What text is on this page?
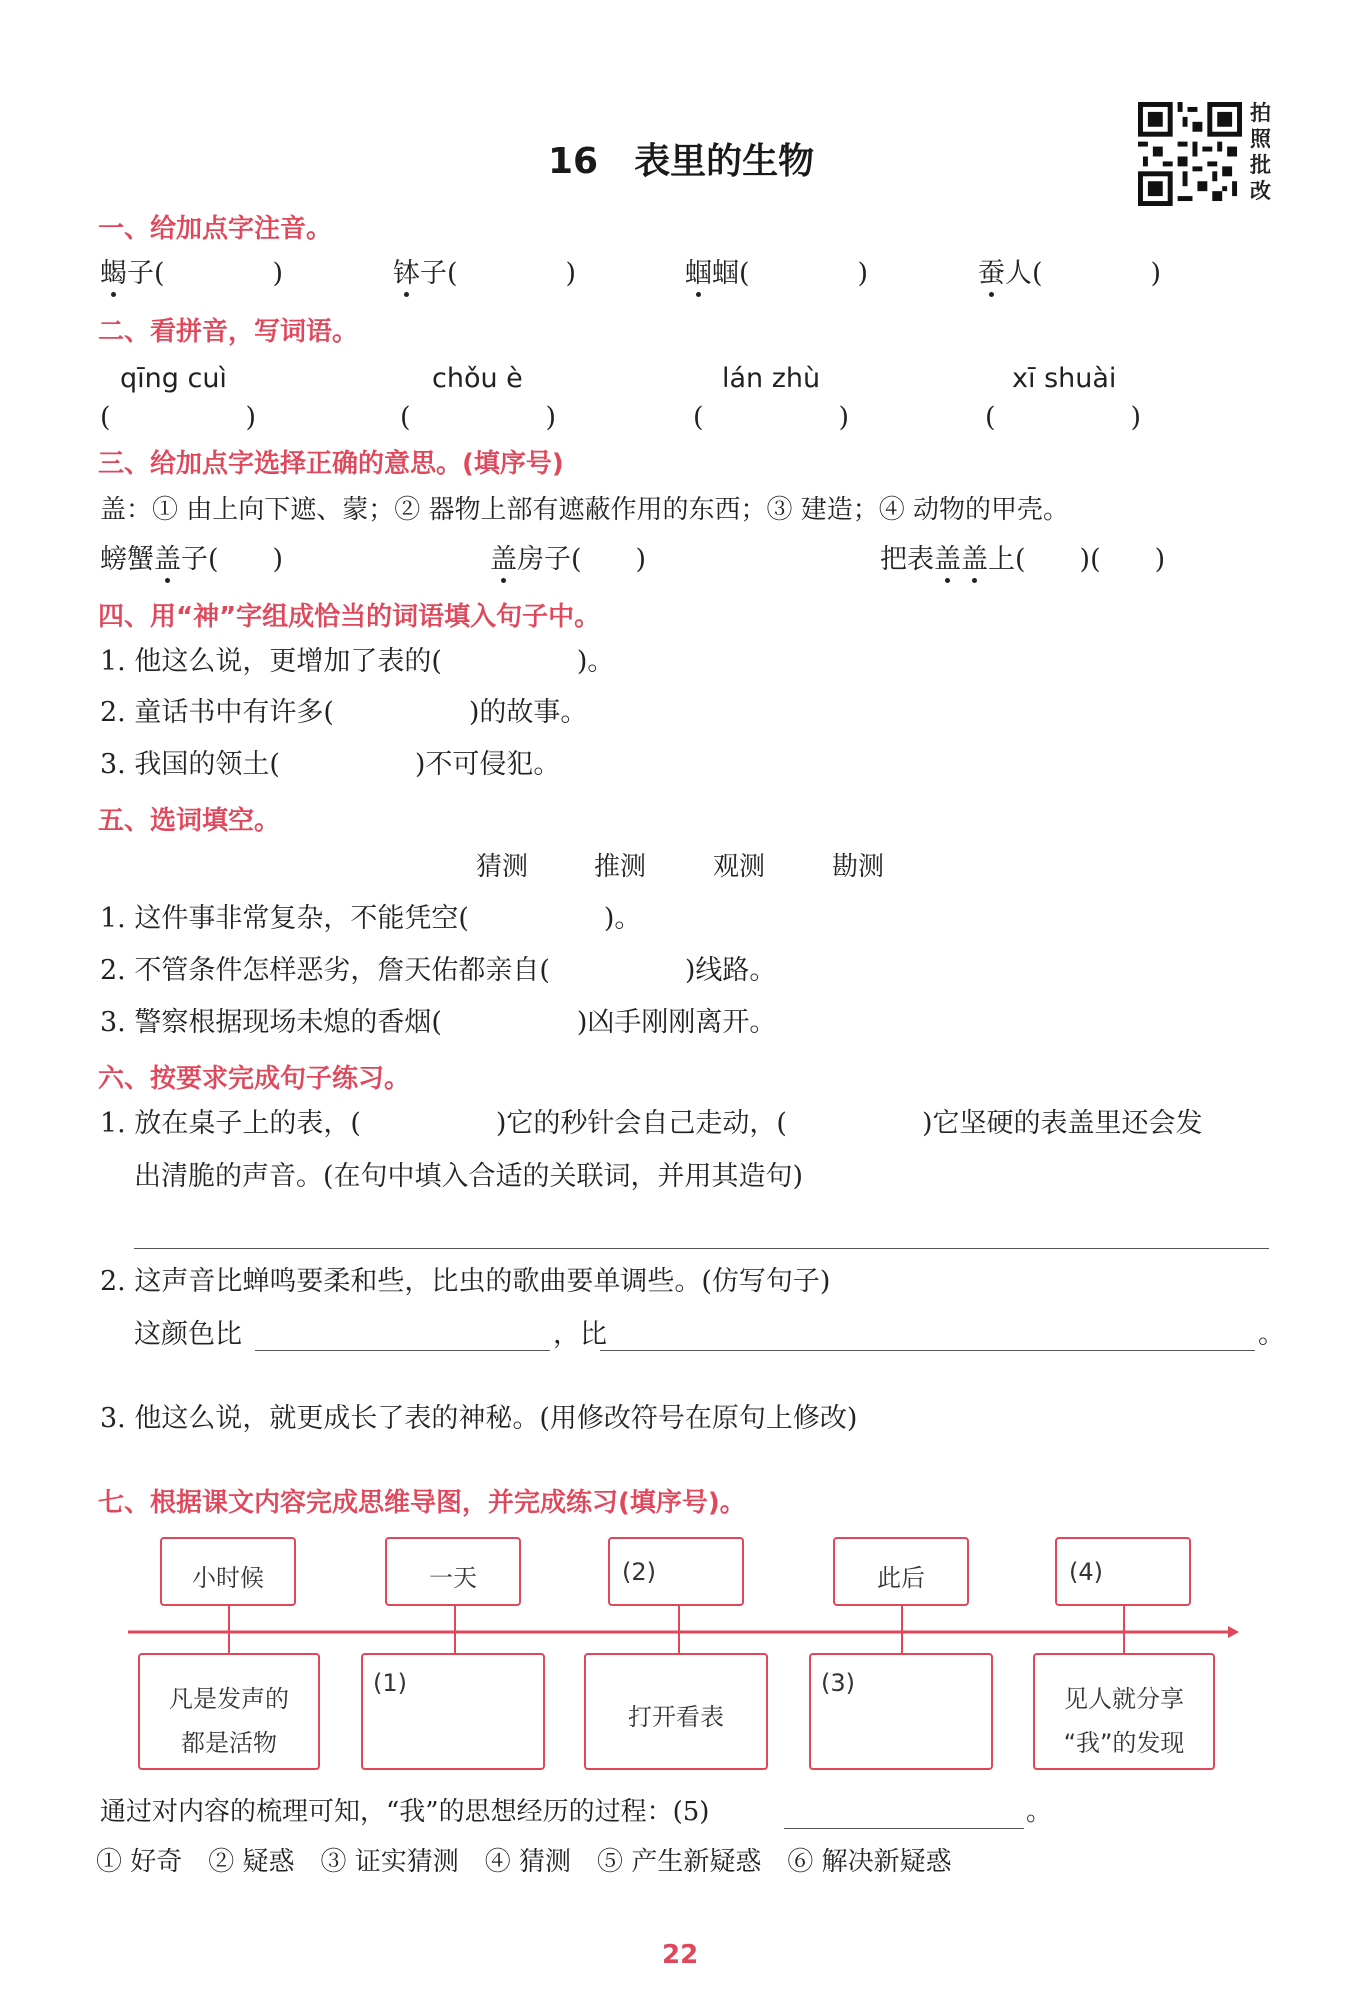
16　表里的生物
拍照批改
一、给加点字注音。
蝎子(　　　　)	钵子(　　　　)	蝈蝈(　　　　)	蚕人(　　　　)
二、看拼音，写词语。
qīng cuì	chǒu è	lán zhù	xī shuài
(　　　　　)	(　　　　　)	(　　　　　)	(　　　　　)
三、给加点字选择正确的意思。(填序号)
盖：① 由上向下遮、蒙；② 器物上部有遮蔽作用的东西；③ 建造；④ 动物的甲壳。
螃蟹盖子(　　)	盖房子(　　)	把表盖盖上(　　)(　　)
四、用“神”字组成恰当的词语填入句子中。
1. 他这么说，更增加了表的(　　　　　)。
2. 童话书中有许多(　　　　　)的故事。
3. 我国的领土(　　　　　)不可侵犯。
五、选词填空。
猜测	推测	观测	勘测
1. 这件事非常复杂，不能凭空(　　　　　)。
2. 不管条件怎样恶劣，詹天佑都亲自(　　　　　)线路。
3. 警察根据现场未熄的香烟(　　　　　)凶手刚刚离开。
六、按要求完成句子练习。
1. 放在桌子上的表，(　　　　　)它的秒针会自己走动，(　　　　　)它坚硬的表盖里还会发
出清脆的声音。(在句中填入合适的关联词，并用其造句)
2. 这声音比蝉鸣要柔和些，比虫的歌曲要单调些。(仿写句子)
这颜色比	，比	。
3. 他这么说，就更成长了表的神秘。(用修改符号在原句上修改)
七、根据课文内容完成思维导图，并完成练习(填序号)。
小时候	一天	(2)	此后	(4)
凡是发声的
都是活物
(1)
打开看表
(3)
见人就分享
“我”的发现
通过对内容的梳理可知，“我”的思想经历的过程：(5)	。
① 好奇　② 疑惑　③ 证实猜测　④ 猜测　⑤ 产生新疑惑　⑥ 解决新疑惑
22
